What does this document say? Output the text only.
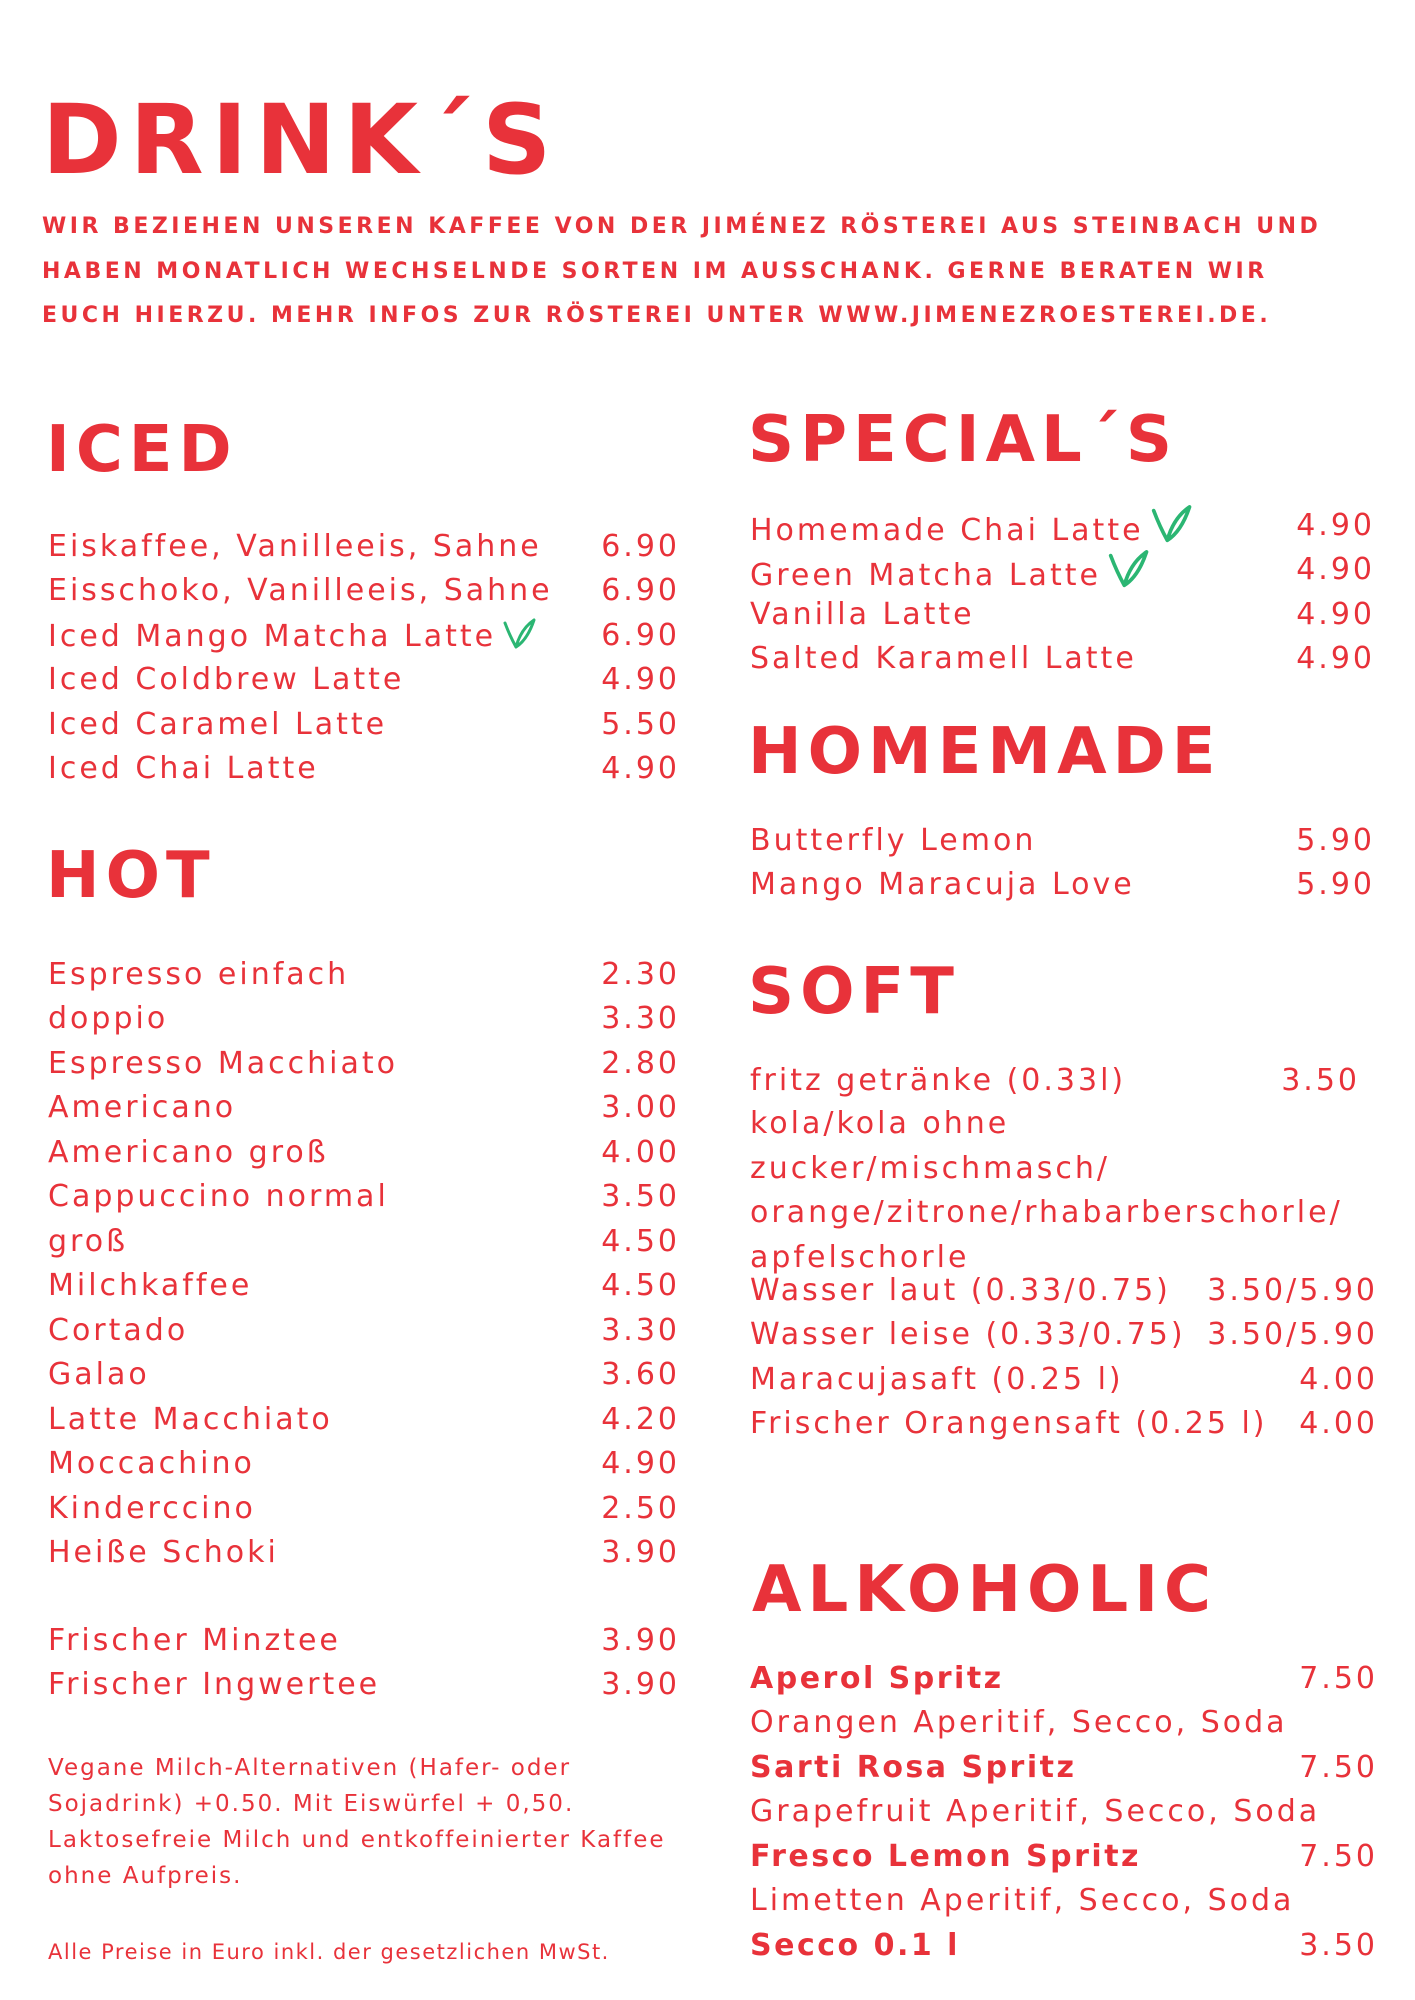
DRINK´S
WIR BEZIEHEN UNSEREN KAFFEE VON DER JIMÉNEZ RÖSTEREI AUS STEINBACH UND HABEN MONATLICH WECHSELNDE SORTEN IM AUSSCHANK. GERNE BERATEN WIR EUCH HIERZU. MEHR INFOS ZUR RÖSTEREI UNTER WWW.JIMENEZROESTEREI.DE.
ICED
Eiskaffee, Vanilleeis, Sahne 6.90
Eisschoko, Vanilleeis, Sahne 6.90
Iced Mango Matcha Latte	6.90
Iced Coldbrew Latte	4.90
Iced Caramel Latte	5.50
Iced Chai Latte	4.90
HOT
Espresso einfach	2.30
doppio	3.30
Espresso Macchiato	2.80
Americano	3.00
Americano groß	4.00
Cappuccino normal	3.50
groß	4.50
Milchkaffee	4.50
Cortado	3.30
Galao	3.60
Latte Macchiato	4.20
Moccachino	4.90
Kinderccino	2.50
Heiße Schoki	3.90
Frischer Minztee	3.90
Frischer Ingwertee	3.90
Vegane Milch-Alternativen (Hafer- oder Sojadrink) +0.50. Mit Eiswürfel + 0,50. Laktosefreie Milch und entkoffeinierter Kaffee ohne Aufpreis.
Alle Preise in Euro inkl. der gesetzlichen MwSt.
SPECIAL´S
Homemade Chai Latte	4.90
Green Matcha Latte	4.90
Vanilla Latte	4.90
Salted Karamell Latte	4.90
HOMEMADE
Butterfly Lemon	5.90
Mango Maracuja Love	5.90
SOFT
fritz getränke (0.33l)	3.50
kola/kola ohne zucker/mischmasch/ orange/zitrone/rhabarberschorle/ apfelschorle
Wasser laut (0.33/0.75) 3.50/5.90
Wasser leise (0.33/0.75) 3.50/5.90
Maracujasaft (0.25 l)	4.00
Frischer Orangensaft (0.25 l) 4.00
ALKOHOLIC
Aperol Spritz	7.50
Orangen Aperitif, Secco, Soda
Sarti Rosa Spritz	7.50
Grapefruit Aperitif, Secco, Soda
Fresco Lemon Spritz	7.50
Limetten Aperitif, Secco, Soda
Secco 0.1 l	3.50
